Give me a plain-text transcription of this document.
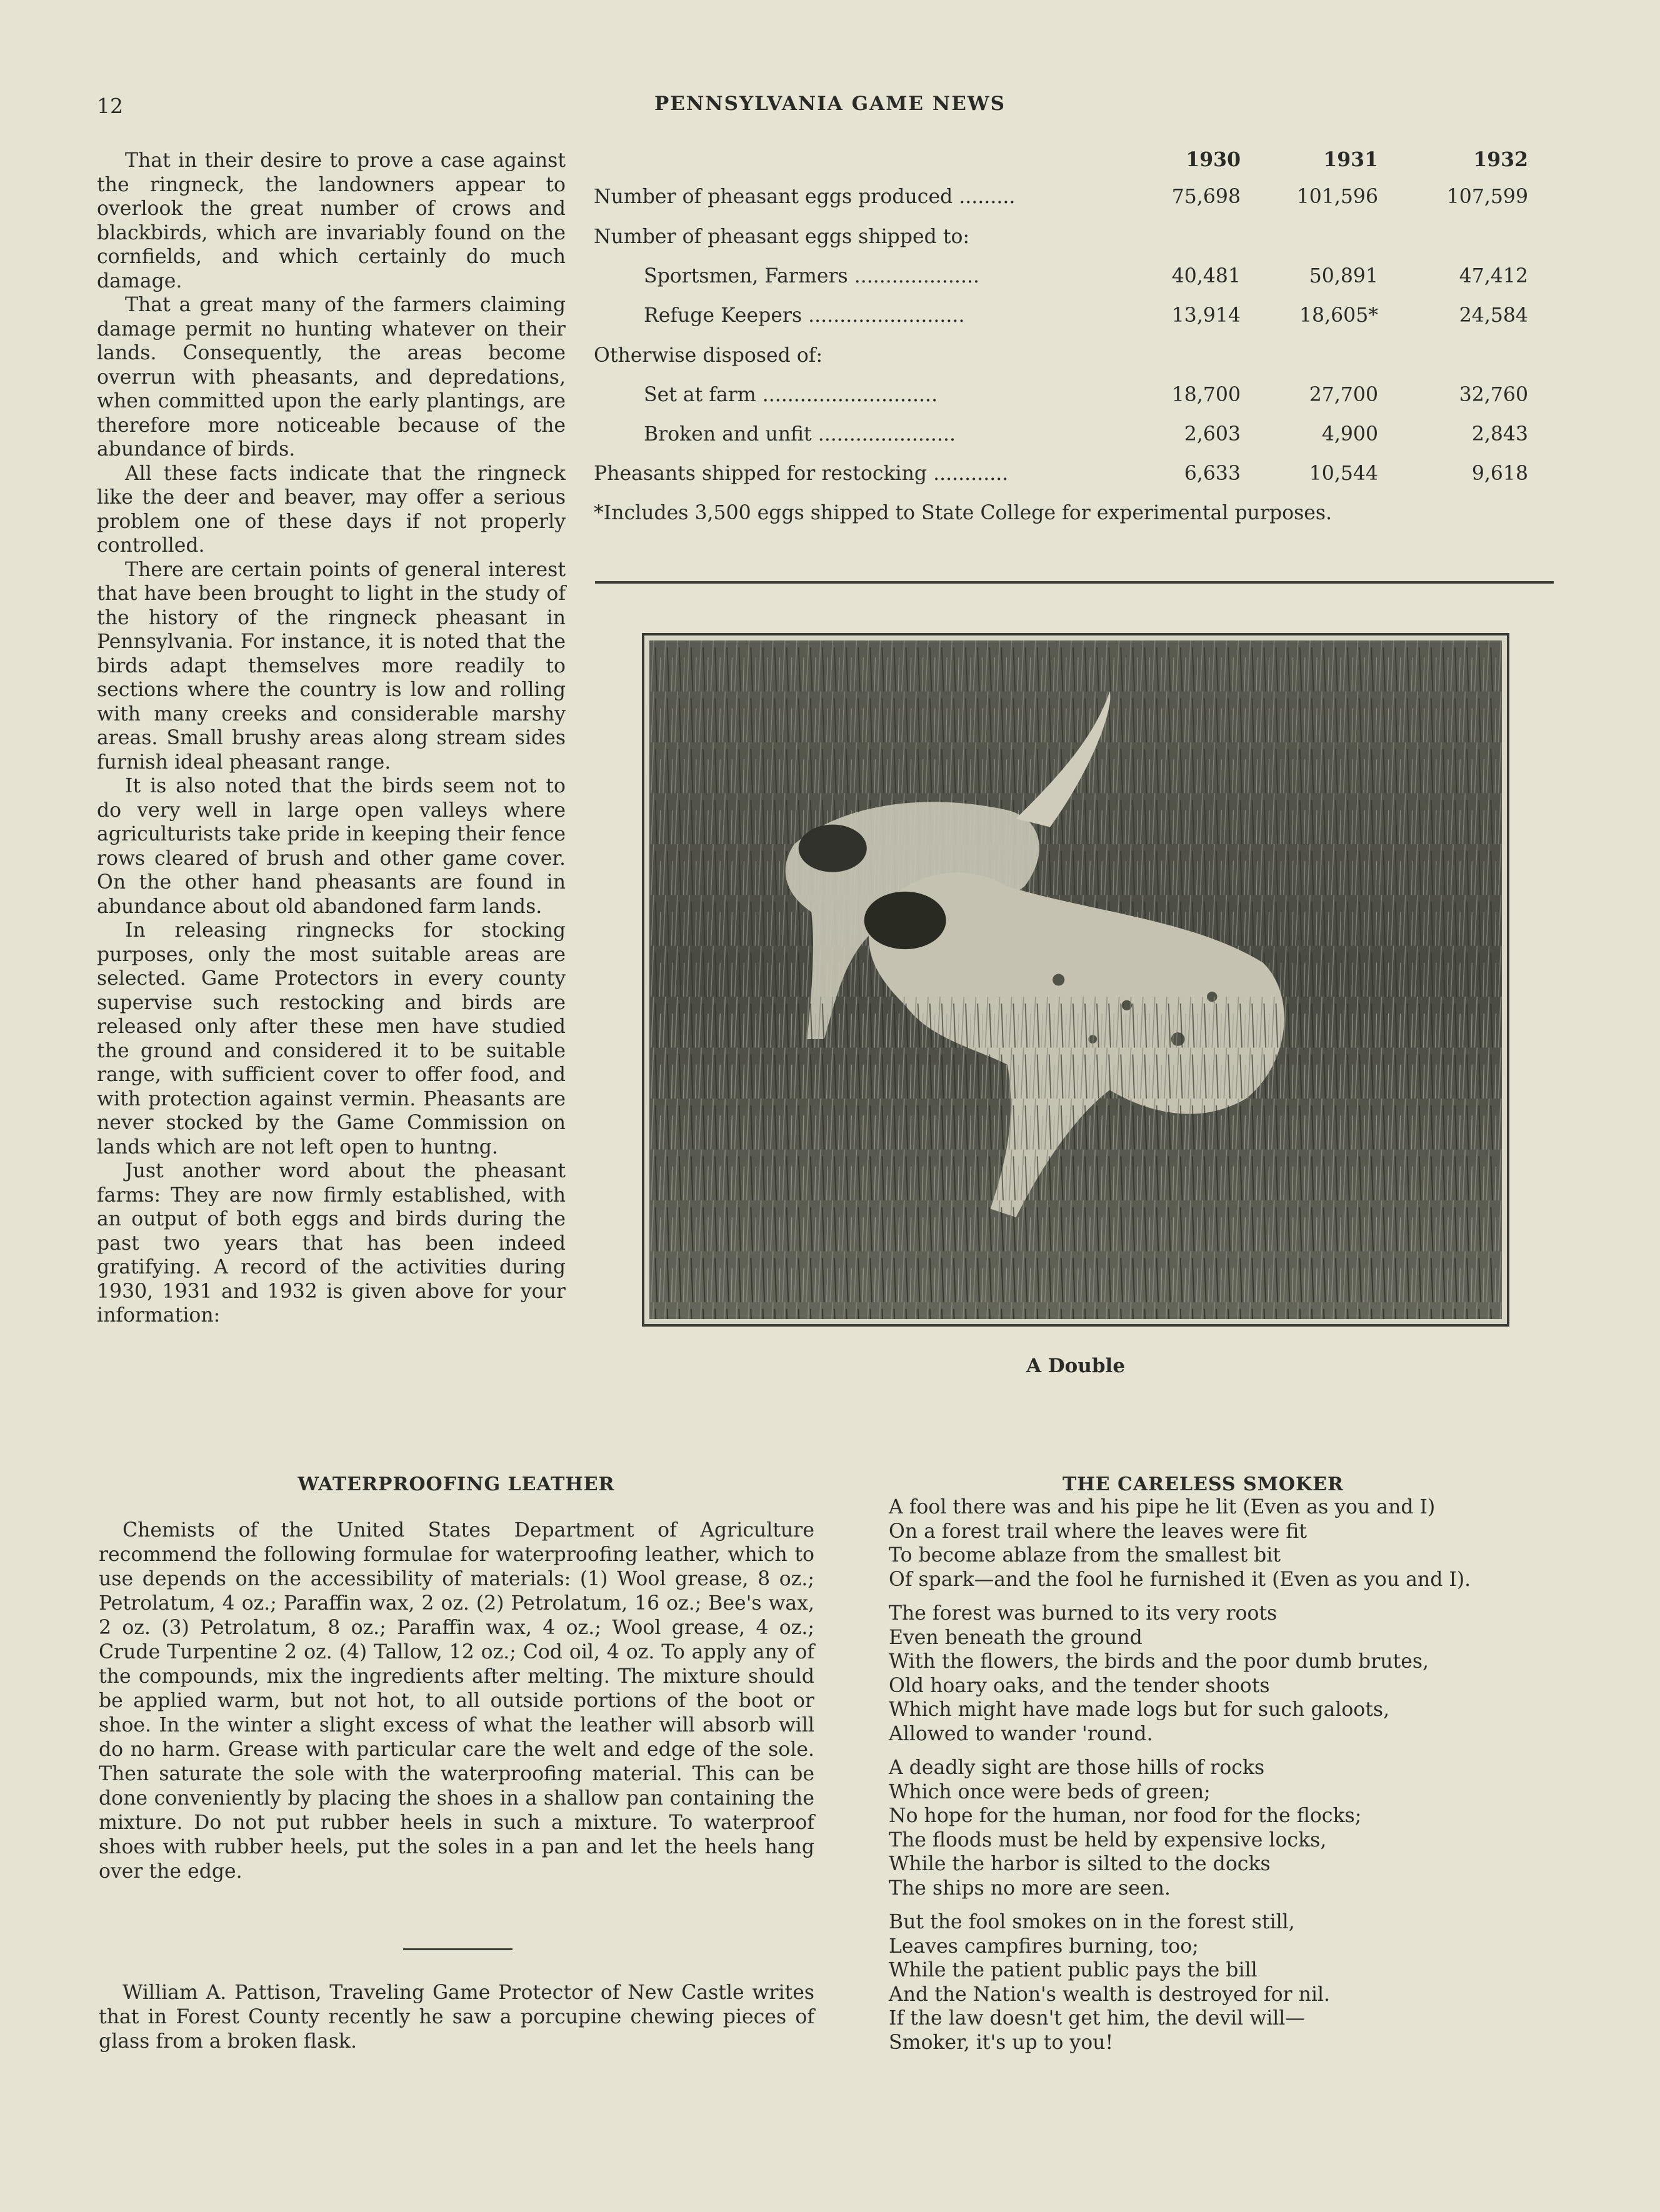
12	PENNSYLVANIA GAME NEWS

That in their desire to prove a case against the ringneck, the landowners appear to overlook the great number of crows and blackbirds, which are invariably found on the cornfields, and which certainly do much damage.

That a great many of the farmers claiming damage permit no hunting whatever on their lands. Consequently, the areas become overrun with pheasants, and depredations, when committed upon the early plantings, are therefore more noticeable because of the abundance of birds.

All these facts indicate that the ringneck like the deer and beaver, may offer a serious problem one of these days if not properly controlled.

There are certain points of general interest that have been brought to light in the study of the history of the ringneck pheasant in Pennsylvania. For instance, it is noted that the birds adapt themselves more readily to sections where the country is low and rolling with many creeks and considerable marshy areas. Small brushy areas along stream sides furnish ideal pheasant range.

It is also noted that the birds seem not to do very well in large open valleys where agriculturists take pride in keeping their fence rows cleared of brush and other game cover. On the other hand pheasants are found in abundance about old abandoned farm lands.

In releasing ringnecks for stocking purposes, only the most suitable areas are selected. Game Protectors in every county supervise such restocking and birds are released only after these men have studied the ground and considered it to be suitable range, with sufficient cover to offer food, and with protection against vermin. Pheasants are never stocked by the Game Commission on lands which are not left open to huntng.

Just another word about the pheasant farms: They are now firmly established, with an output of both eggs and birds during the past two years that has been indeed gratifying. A record of the activities during 1930, 1931 and 1932 is given above for your information:

1930	1931	1932
Number of pheasant eggs produced .........	75,698	101,596	107,599
Number of pheasant eggs shipped to:
Sportsmen, Farmers ....................	40,481	50,891	47,412
Refuge Keepers .........................	13,914	18,605*	24,584
Otherwise disposed of:
Set at farm ............................	18,700	27,700	32,760
Broken and unfit ......................	2,603	4,900	2,843
Pheasants shipped for restocking ............	6,633	10,544	9,618
*Includes 3,500 eggs shipped to State College for experimental purposes.
A Double
WATERPROOFING LEATHER

Chemists of the United States Department of Agriculture recommend the following formulae for waterproofing leather, which to use depends on the accessibility of materials: (1) Wool grease, 8 oz.; Petrolatum, 4 oz.; Paraffin wax, 2 oz. (2) Petrolatum, 16 oz.; Bee's wax, 2 oz. (3) Petrolatum, 8 oz.; Paraffin wax, 4 oz.; Wool grease, 4 oz.; Crude Turpentine 2 oz. (4) Tallow, 12 oz.; Cod oil, 4 oz. To apply any of the compounds, mix the ingredients after melting. The mixture should be applied warm, but not hot, to all outside portions of the boot or shoe. In the winter a slight excess of what the leather will absorb will do no harm. Grease with particular care the welt and edge of the sole. Then saturate the sole with the waterproofing material. This can be done conveniently by placing the shoes in a shallow pan containing the mixture. Do not put rubber heels in such a mixture. To waterproof shoes with rubber heels, put the soles in a pan and let the heels hang over the edge.

William A. Pattison, Traveling Game Protector of New Castle writes that in Forest County recently he saw a porcupine chewing pieces of glass from a broken flask.

THE CARELESS SMOKER
A fool there was and his pipe he lit (Even as you and I)
On a forest trail where the leaves were fit
To become ablaze from the smallest bit
Of spark—and the fool he furnished it (Even as you and I).
The forest was burned to its very roots
Even beneath the ground
With the flowers, the birds and the poor dumb brutes,
Old hoary oaks, and the tender shoots
Which might have made logs but for such galoots,
Allowed to wander 'round.
A deadly sight are those hills of rocks
Which once were beds of green;
No hope for the human, nor food for the flocks;
The floods must be held by expensive locks,
While the harbor is silted to the docks
The ships no more are seen.
But the fool smokes on in the forest still,
Leaves campfires burning, too;
While the patient public pays the bill
And the Nation's wealth is destroyed for nil.
If the law doesn't get him, the devil will—
Smoker, it's up to you!
